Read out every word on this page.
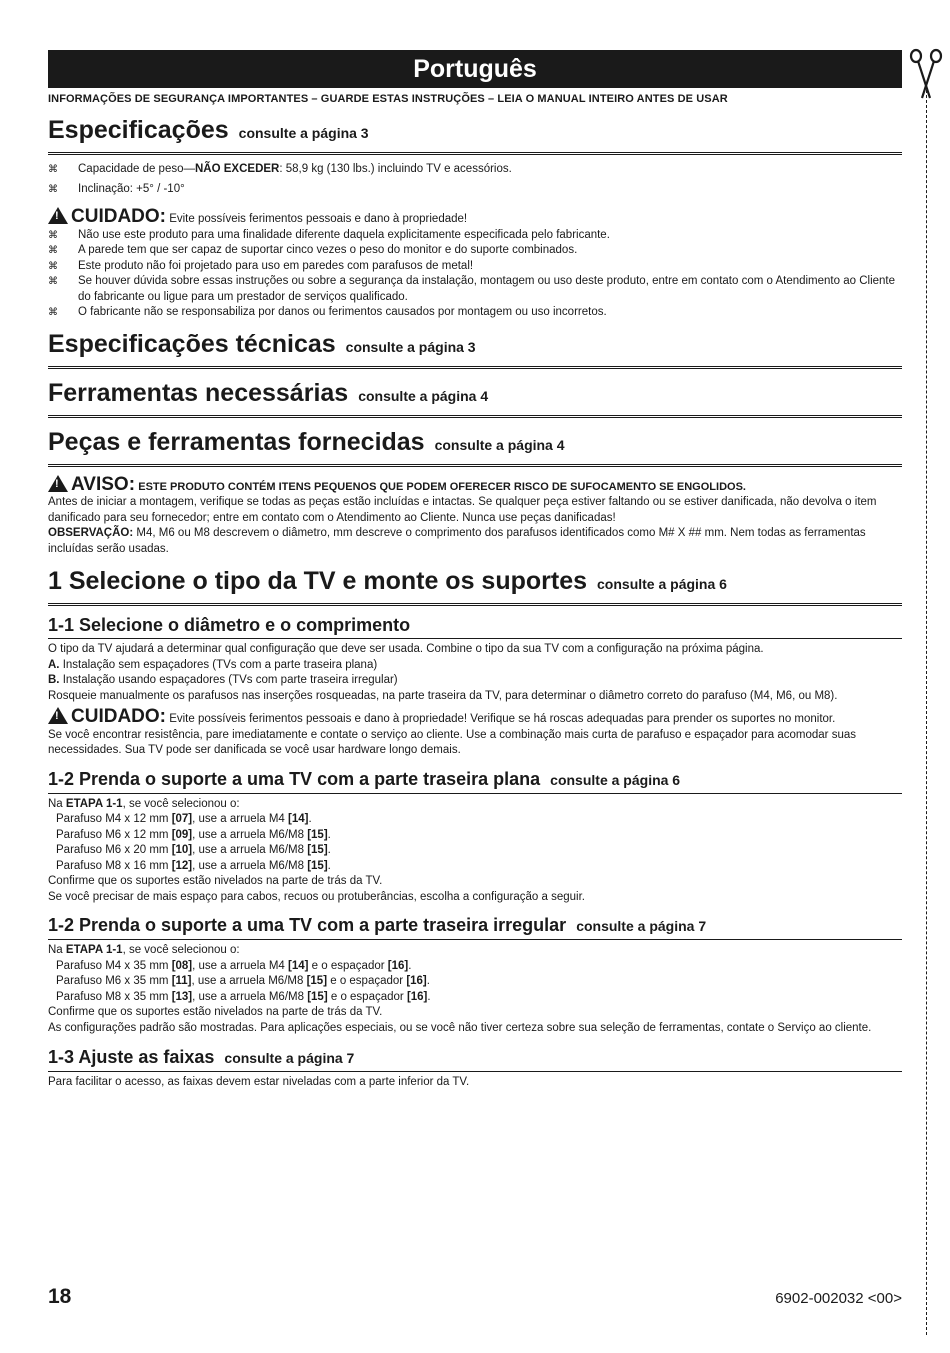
Português
INFORMAÇÕES DE SEGURANÇA IMPORTANTES – GUARDE ESTAS INSTRUÇÕES – LEIA O MANUAL INTEIRO ANTES DE USAR
Especificações consulte a página 3
⌘ Capacidade de peso—NÃO EXCEDER: 58,9 kg (130 lbs.) incluindo TV e acessórios.
⌘ Inclinação: +5° / -10°
!CUIDADO: Evite possíveis ferimentos pessoais e dano à propriedade!
⌘ Não use este produto para uma finalidade diferente daquela explicitamente especificada pelo fabricante.
⌘ A parede tem que ser capaz de suportar cinco vezes o peso do monitor e do suporte combinados.
⌘ Este produto não foi projetado para uso em paredes com parafusos de metal!
⌘ Se houver dúvida sobre essas instruções ou sobre a segurança da instalação, montagem ou uso deste produto, entre em contato com o Atendimento ao Cliente do fabricante ou ligue para um prestador de serviços qualificado.
⌘ O fabricante não se responsabiliza por danos ou ferimentos causados por montagem ou uso incorretos.
Especificações técnicas consulte a página 3
Ferramentas necessárias consulte a página 4
Peças e ferramentas fornecidas consulte a página 4
!AVISO: ESTE PRODUTO CONTÉM ITENS PEQUENOS QUE PODEM OFERECER RISCO DE SUFOCAMENTO SE ENGOLIDOS.

Antes de iniciar a montagem, verifique se todas as peças estão incluídas e intactas. Se qualquer peça estiver faltando ou se estiver danificada, não devolva o item danificado para seu fornecedor; entre em contato com o Atendimento ao Cliente. Nunca use peças danificadas!

OBSERVAÇÃO: M4, M6 ou M8 descrevem o diâmetro, mm descreve o comprimento dos parafusos identificados como M# X ## mm. Nem todas as ferramentas incluídas serão usadas.

1 Selecione o tipo da TV e monte os suportes consulte a página 6
1-1 Selecione o diâmetro e o comprimento

O tipo da TV ajudará a determinar qual configuração que deve ser usada. Combine o tipo da sua TV com a configuração na próxima página.

A. Instalação sem espaçadores (TVs com a parte traseira plana)

B. Instalação usando espaçadores (TVs com parte traseira irregular)

Rosqueie manualmente os parafusos nas inserções rosqueadas, na parte traseira da TV, para determinar o diâmetro correto do parafuso (M4, M6, ou M8).

!CUIDADO: Evite possíveis ferimentos pessoais e dano à propriedade! Verifique se há roscas adequadas para prender os suportes no monitor.

Se você encontrar resistência, pare imediatamente e contate o serviço ao cliente. Use a combinação mais curta de parafuso e espaçador para acomodar suas necessidades. Sua TV pode ser danificada se você usar hardware longo demais.

1-2 Prenda o suporte a uma TV com a parte traseira plana consulte a página 6

Na ETAPA 1-1, se você selecionou o:

Parafuso M4 x 12 mm [07], use a arruela M4 [14].

Parafuso M6 x 12 mm [09], use a arruela M6/M8 [15].

Parafuso M6 x 20 mm [10], use a arruela M6/M8 [15].

Parafuso M8 x 16 mm [12], use a arruela M6/M8 [15].

Confirme que os suportes estão nivelados na parte de trás da TV.

Se você precisar de mais espaço para cabos, recuos ou protuberâncias, escolha a configuração a seguir.

1-2 Prenda o suporte a uma TV com a parte traseira irregular consulte a página 7

Na ETAPA 1-1, se você selecionou o:

Parafuso M4 x 35 mm [08], use a arruela M4 [14] e o espaçador [16].

Parafuso M6 x 35 mm [11], use a arruela M6/M8 [15] e o espaçador [16].

Parafuso M8 x 35 mm [13], use a arruela M6/M8 [15] e o espaçador [16].

Confirme que os suportes estão nivelados na parte de trás da TV.

As configurações padrão são mostradas. Para aplicações especiais, ou se você não tiver certeza sobre sua seleção de ferramentas, contate o Serviço ao cliente.

1-3 Ajuste as faixas consulte a página 7

Para facilitar o acesso, as faixas devem estar niveladas com a parte inferior da TV.

18	6902-002032 <00>
